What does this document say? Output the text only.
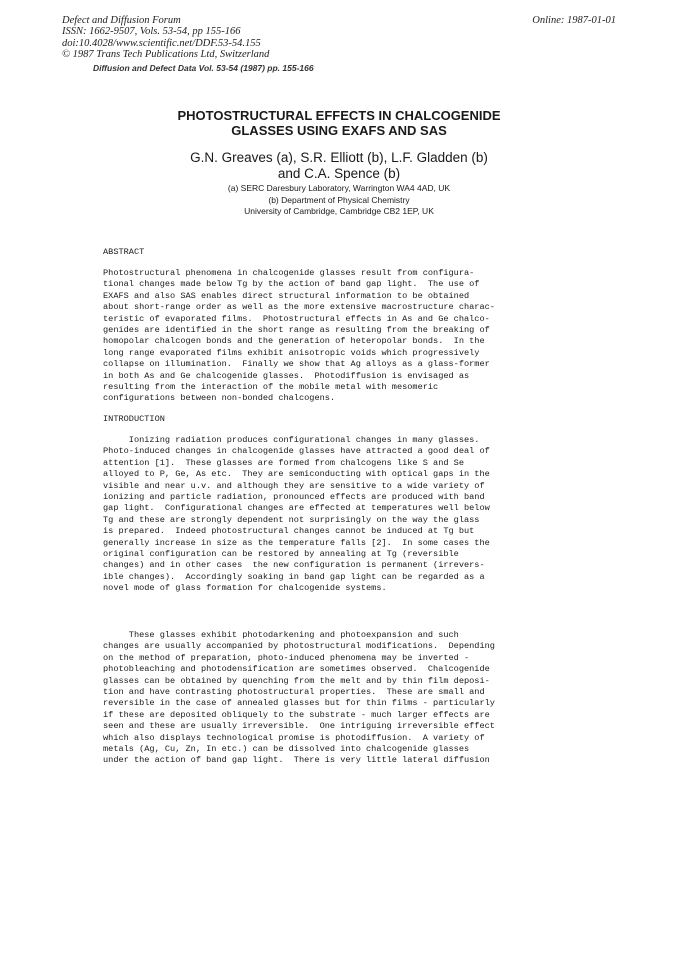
Defect and Diffusion Forum
ISSN: 1662-9507, Vols. 53-54, pp 155-166
doi:10.4028/www.scientific.net/DDF.53-54.155
© 1987 Trans Tech Publications Ltd, Switzerland
Online: 1987-01-01
Diffusion and Defect Data Vol. 53-54 (1987) pp. 155-166
PHOTOSTRUCTURAL EFFECTS IN CHALCOGENIDE
GLASSES USING EXAFS AND SAS
G.N. Greaves (a), S.R. Elliott (b), L.F. Gladden (b)
and C.A. Spence (b)
(a) SERC Daresbury Laboratory, Warrington WA4 4AD, UK
(b) Department of Physical Chemistry
University of Cambridge, Cambridge CB2 1EP, UK
ABSTRACT
Photostructural phenomena in chalcogenide glasses result from configura-
tional changes made below Tg by the action of band gap light.  The use of
EXAFS and also SAS enables direct structural information to be obtained
about short-range order as well as the more extensive macrostructure charac-
teristic of evaporated films.  Photostructural effects in As and Ge chalco-
genides are identified in the short range as resulting from the breaking of
homopolar chalcogen bonds and the generation of heteropolar bonds.  In the
long range evaporated films exhibit anisotropic voids which progressively
collapse on illumination.  Finally we show that Ag alloys as a glass-former
in both As and Ge chalcogenide glasses.  Photodiffusion is envisaged as
resulting from the interaction of the mobile metal with mesomeric
configurations between non-bonded chalcogens.
INTRODUCTION
Ionizing radiation produces configurational changes in many glasses.
Photo-induced changes in chalcogenide glasses have attracted a good deal of
attention [1].  These glasses are formed from chalcogens like S and Se
alloyed to P, Ge, As etc.  They are semiconducting with optical gaps in the
visible and near u.v. and although they are sensitive to a wide variety of
ionizing and particle radiation, pronounced effects are produced with band
gap light.  Configurational changes are effected at temperatures well below
Tg and these are strongly dependent not surprisingly on the way the glass
is prepared.  Indeed photostructural changes cannot be induced at Tg but
generally increase in size as the temperature falls [2].  In some cases the
original configuration can be restored by annealing at Tg (reversible
changes) and in other cases  the new configuration is permanent (irrevers-
ible changes).  Accordingly soaking in band gap light can be regarded as a
novel mode of glass formation for chalcogenide systems.
These glasses exhibit photodarkening and photoexpansion and such
changes are usually accompanied by photostructural modifications.  Depending
on the method of preparation, photo-induced phenomena may be inverted -
photobleaching and photodensification are sometimes observed.  Chalcogenide
glasses can be obtained by quenching from the melt and by thin film deposi-
tion and have contrasting photostructural properties.  These are small and
reversible in the case of annealed glasses but for thin films - particularly
if these are deposited obliquely to the substrate - much larger effects are
seen and these are usually irreversible.  One intriguing irreversible effect
which also displays technological promise is photodiffusion.  A variety of
metals (Ag, Cu, Zn, In etc.) can be dissolved into chalcogenide glasses
under the action of band gap light.  There is very little lateral diffusion
